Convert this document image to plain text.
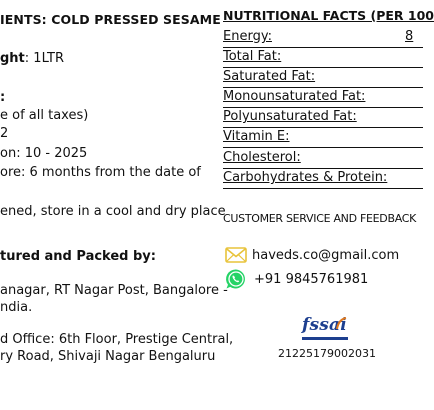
IENTS: COLD PRESSED SESAME
ght: 1LTR
:
e of all taxes)
2
on: 10 - 2025
ore: 6 months from the date of
ened, store in a cool and dry place
tured and Packed by:
anagar, RT Nagar Post, Bangalore -
ndia.
d Office: 6th Floor, Prestige Central,
ry Road, Shivaji Nagar Bengaluru
NUTRITIONAL FACTS (PER 100
Energy:	8
Total Fat:
Saturated Fat:
Monounsaturated Fat:
Polyunsaturated Fat:
Vitamin E:
Cholesterol:
Carbohydrates & Protein:
CUSTOMER SERVICE AND FEEDBACK
haveds.co@gmail.com
+91 9845761981
fssai
21225179002031
